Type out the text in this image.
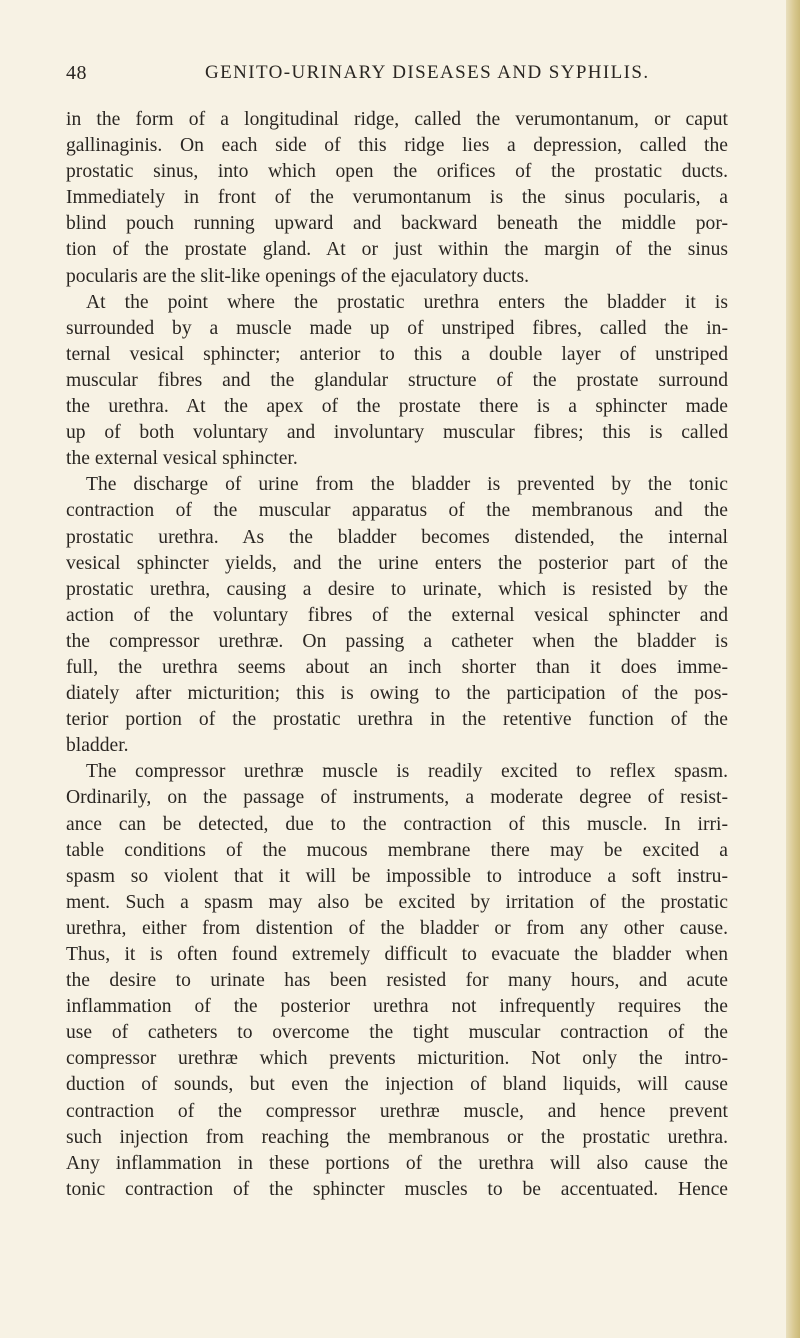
48	GENITO-URINARY DISEASES AND SYPHILIS.
in the form of a longitudinal ridge, called the verumontanum, or caput
gallinaginis. On each side of this ridge lies a depression, called the
prostatic sinus, into which open the orifices of the prostatic ducts.
Immediately in front of the verumontanum is the sinus pocularis, a
blind pouch running upward and backward beneath the middle por-
tion of the prostate gland. At or just within the margin of the sinus
pocularis are the slit-like openings of the ejaculatory ducts.
At the point where the prostatic urethra enters the bladder it is
surrounded by a muscle made up of unstriped fibres, called the in-
ternal vesical sphincter; anterior to this a double layer of unstriped
muscular fibres and the glandular structure of the prostate surround
the urethra. At the apex of the prostate there is a sphincter made
up of both voluntary and involuntary muscular fibres; this is called
the external vesical sphincter.
The discharge of urine from the bladder is prevented by the tonic
contraction of the muscular apparatus of the membranous and the
prostatic urethra. As the bladder becomes distended, the internal
vesical sphincter yields, and the urine enters the posterior part of the
prostatic urethra, causing a desire to urinate, which is resisted by the
action of the voluntary fibres of the external vesical sphincter and
the compressor urethræ. On passing a catheter when the bladder is
full, the urethra seems about an inch shorter than it does imme-
diately after micturition; this is owing to the participation of the pos-
terior portion of the prostatic urethra in the retentive function of the
bladder.
The compressor urethræ muscle is readily excited to reflex spasm.
Ordinarily, on the passage of instruments, a moderate degree of resist-
ance can be detected, due to the contraction of this muscle. In irri-
table conditions of the mucous membrane there may be excited a
spasm so violent that it will be impossible to introduce a soft instru-
ment. Such a spasm may also be excited by irritation of the prostatic
urethra, either from distention of the bladder or from any other cause.
Thus, it is often found extremely difficult to evacuate the bladder when
the desire to urinate has been resisted for many hours, and acute
inflammation of the posterior urethra not infrequently requires the
use of catheters to overcome the tight muscular contraction of the
compressor urethræ which prevents micturition. Not only the intro-
duction of sounds, but even the injection of bland liquids, will cause
contraction of the compressor urethræ muscle, and hence prevent
such injection from reaching the membranous or the prostatic urethra.
Any inflammation in these portions of the urethra will also cause the
tonic contraction of the sphincter muscles to be accentuated. Hence
